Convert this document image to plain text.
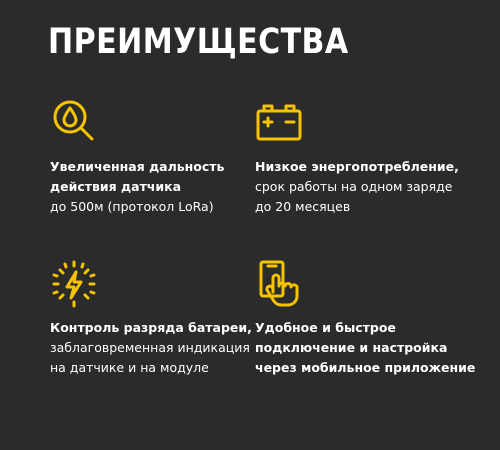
ПРЕИМУЩЕСТВА
Увеличенная дальность
действия датчика
до 500м (протокол LoRa)
Низкое энергопотребление,
срок работы на одном заряде
до 20 месяцев
Контроль разряда батареи,
заблаговременная индикация
на датчике и на модуле
Удобное и быстрое
подключение и настройка
через мобильное приложение
